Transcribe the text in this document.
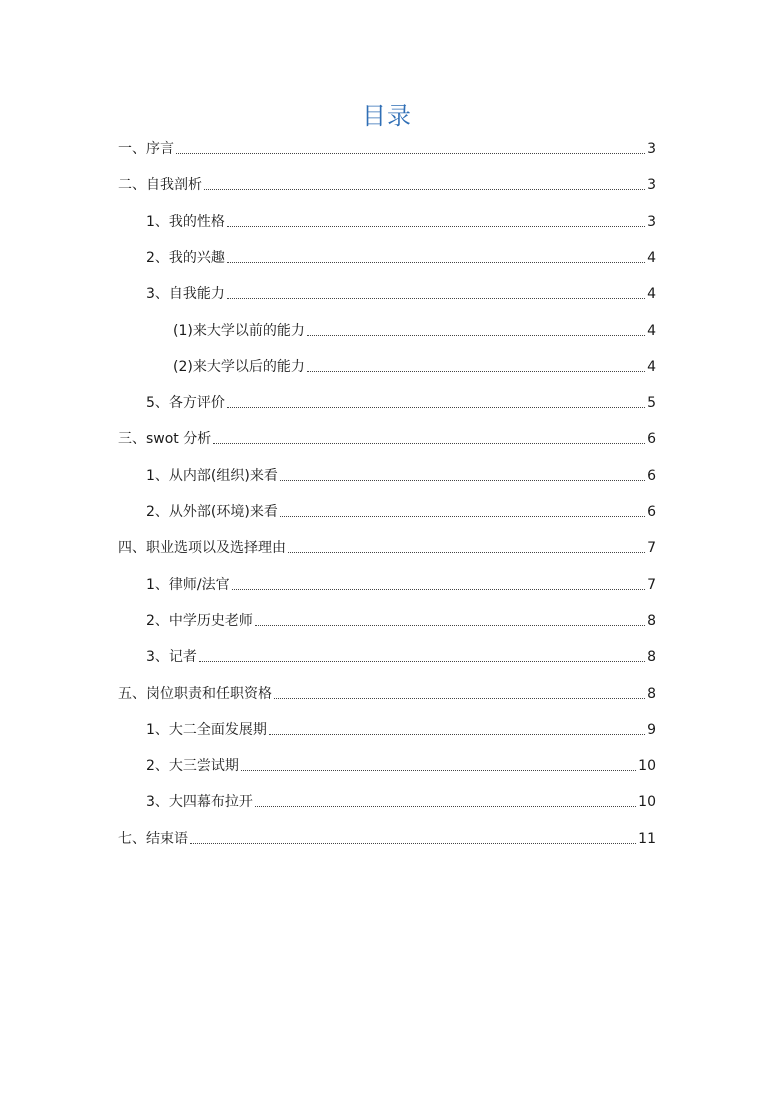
目录
一、序言	3
二、自我剖析	3
1、我的性格	3
2、我的兴趣	4
3、自我能力	4
(1)来大学以前的能力	4
(2)来大学以后的能力	4
5、各方评价	5
三、swot 分析	6
1、从内部(组织)来看	6
2、从外部(环境)来看	6
四、职业选项以及选择理由	7
1、律师/法官	7
2、中学历史老师	8
3、记者	8
五、岗位职责和任职资格	8
1、大二全面发展期	9
2、大三尝试期	10
3、大四幕布拉开	10
七、结束语	11
